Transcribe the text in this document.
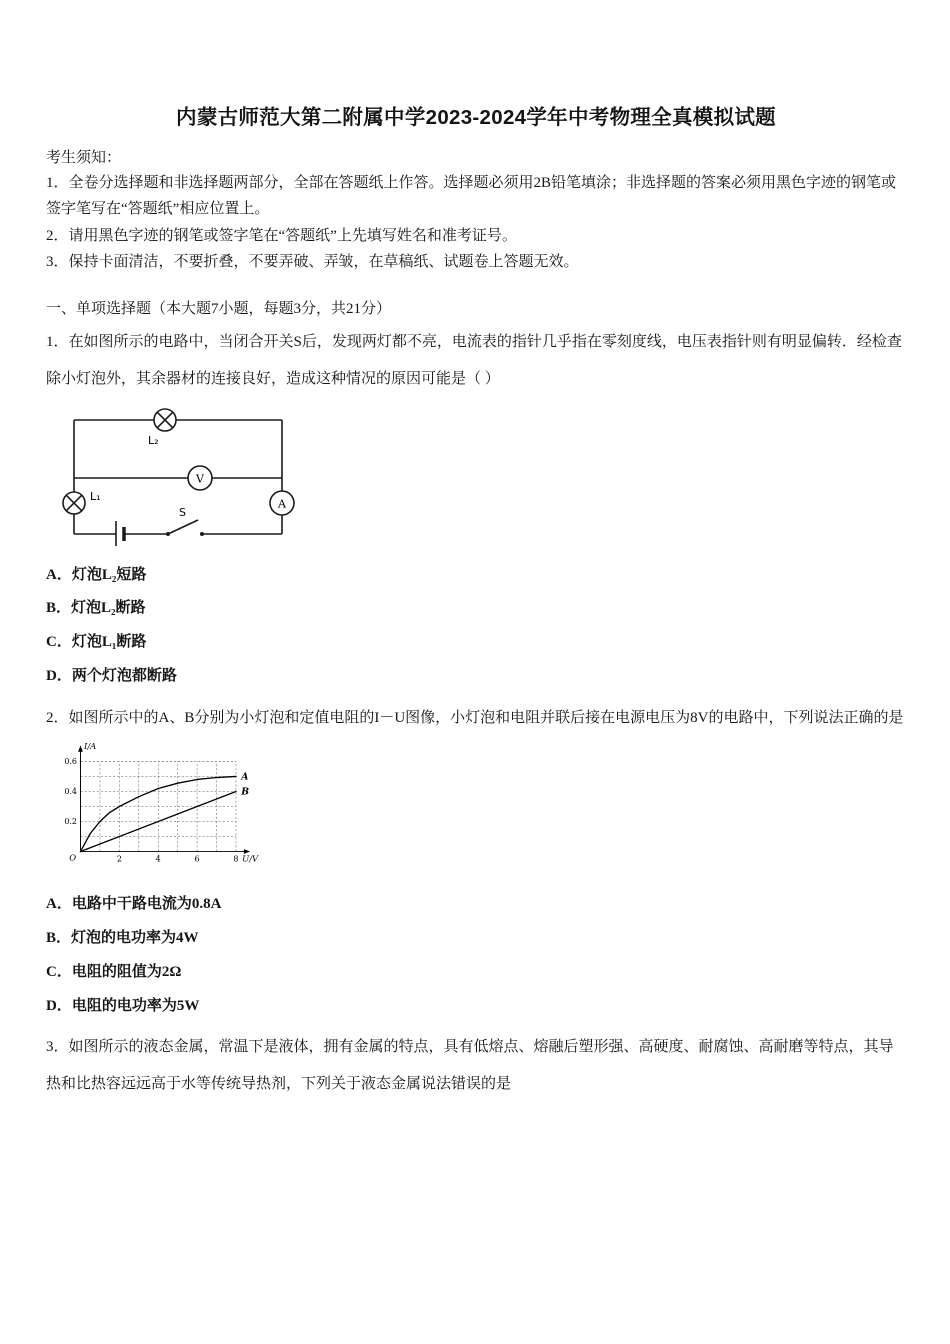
内蒙古师范大第二附属中学2023-2024学年中考物理全真模拟试题
考生须知：

1．全卷分选择题和非选择题两部分，全部在答题纸上作答。选择题必须用2B铅笔填涂；非选择题的答案必须用黑色字迹的钢笔或签字笔写在“答题纸”相应位置上。

2．请用黑色字迹的钢笔或签字笔在“答题纸”上先填写姓名和准考证号。

3．保持卡面清洁，不要折叠，不要弄破、弄皱，在草稿纸、试题卷上答题无效。

一、单项选择题（本大题7小题，每题3分，共21分）

1．在如图所示的电路中，当闭合开关S后，发现两灯都不亮，电流表的指针几乎指在零刻度线，电压表指针则有明显偏转．经检查除小灯泡外，其余器材的连接良好，造成这种情况的原因可能是（ ）

S
L₂
L₁
V
A
A．灯泡L₂短路
B．灯泡L₂断路
C．灯泡L₁断路
D．两个灯泡都断路

2．如图所示中的A、B分别为小灯泡和定值电阻的I－U图像，小灯泡和电阻并联后接在电源电压为8V的电路中，下列说法正确的是

2	4	6	8
0.2
0.4
0.6
U/V
I/A
O
A
B
A．电路中干路电流为0.8A
B．灯泡的电功率为4W
C．电阻的阻值为2Ω
D．电阻的电功率为5W

3．如图所示的液态金属，常温下是液体，拥有金属的特点，具有低熔点、熔融后塑形强、高硬度、耐腐蚀、高耐磨等特点，其导热和比热容远远高于水等传统导热剂，下列关于液态金属说法错误的是
